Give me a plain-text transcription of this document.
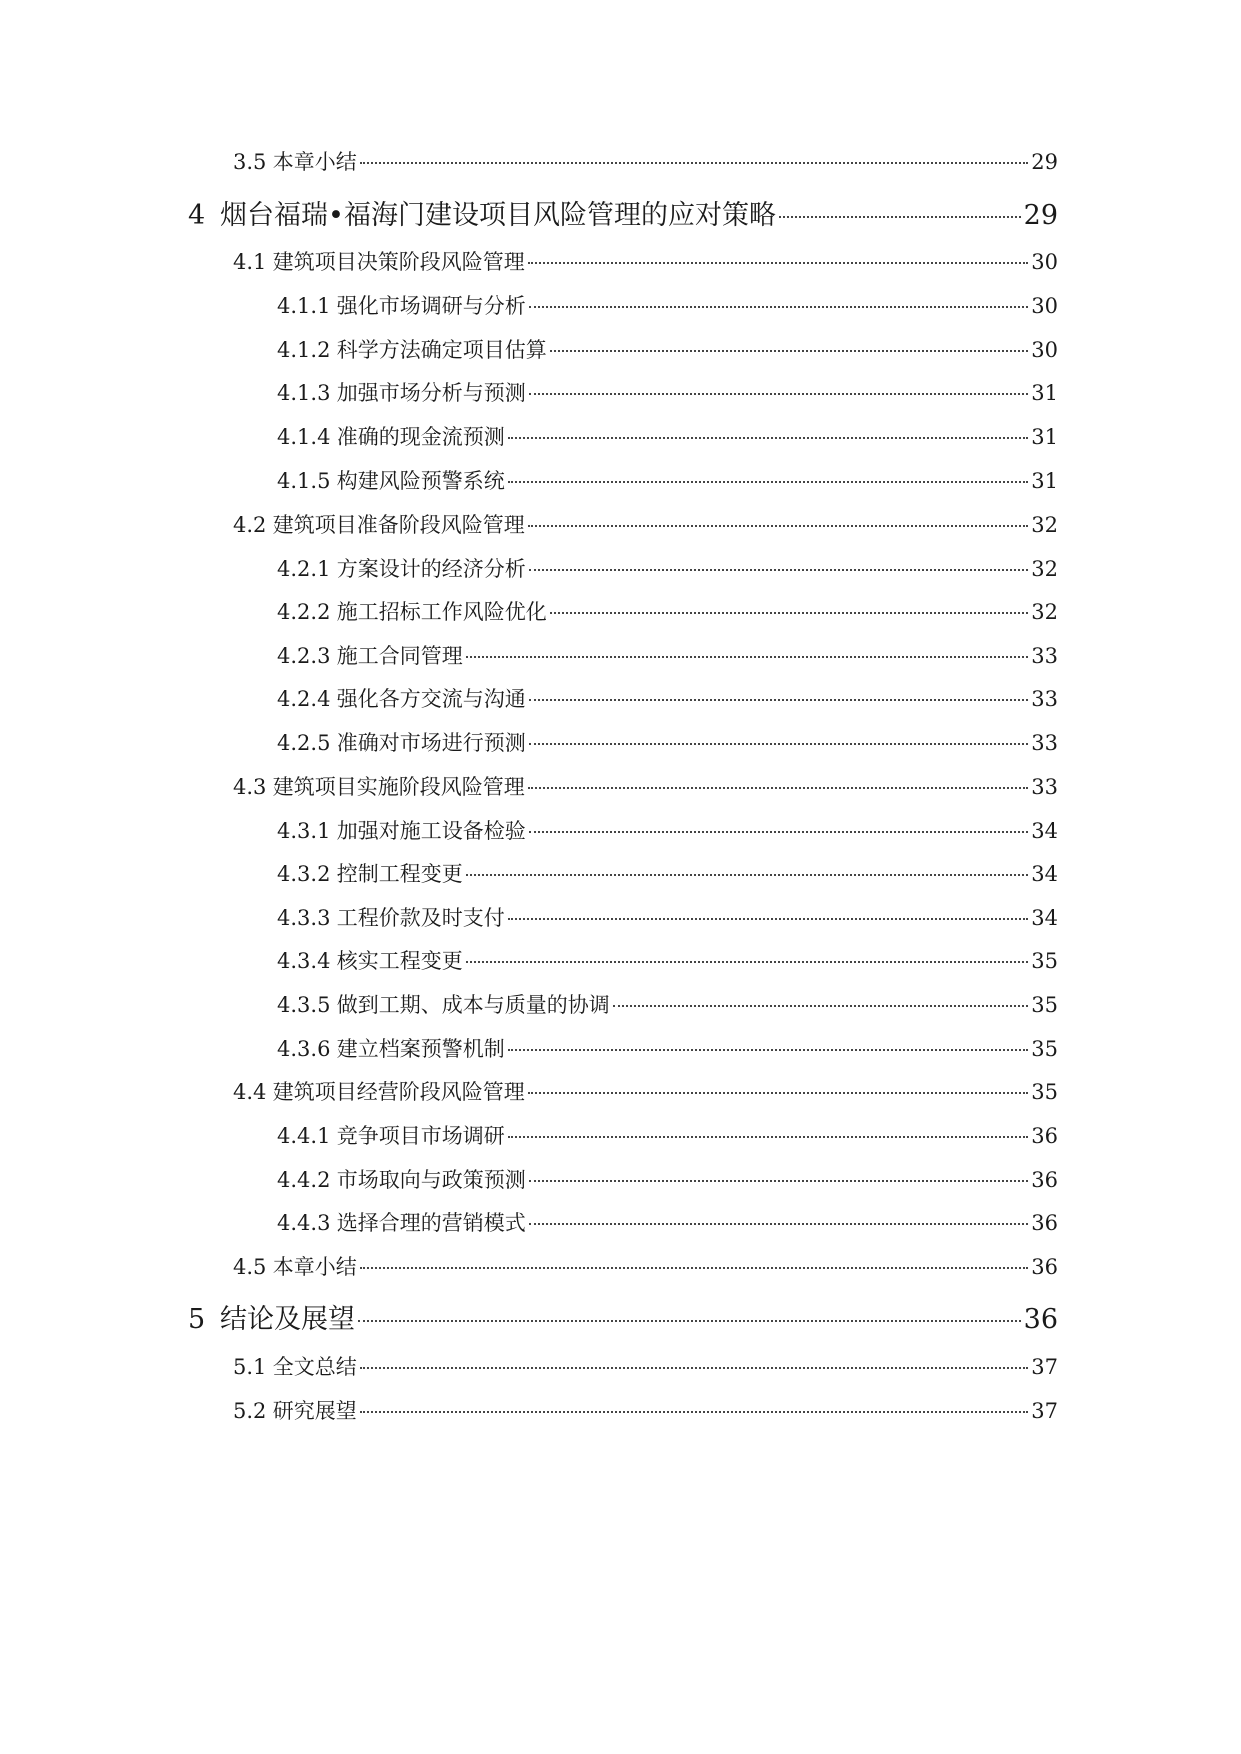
3.5 本章小结	29
4 烟台福瑞•福海门建设项目风险管理的应对策略	29
4.1 建筑项目决策阶段风险管理	30
4.1.1 强化市场调研与分析	30
4.1.2 科学方法确定项目估算	30
4.1.3 加强市场分析与预测	31
4.1.4 准确的现金流预测	31
4.1.5 构建风险预警系统	31
4.2 建筑项目准备阶段风险管理	32
4.2.1 方案设计的经济分析	32
4.2.2 施工招标工作风险优化	32
4.2.3 施工合同管理	33
4.2.4 强化各方交流与沟通	33
4.2.5 准确对市场进行预测	33
4.3 建筑项目实施阶段风险管理	33
4.3.1 加强对施工设备检验	34
4.3.2 控制工程变更	34
4.3.3 工程价款及时支付	34
4.3.4 核实工程变更	35
4.3.5 做到工期、成本与质量的协调	35
4.3.6 建立档案预警机制	35
4.4 建筑项目经营阶段风险管理	35
4.4.1 竞争项目市场调研	36
4.4.2 市场取向与政策预测	36
4.4.3 选择合理的营销模式	36
4.5 本章小结	36
5 结论及展望	36
5.1 全文总结	37
5.2 研究展望	37
